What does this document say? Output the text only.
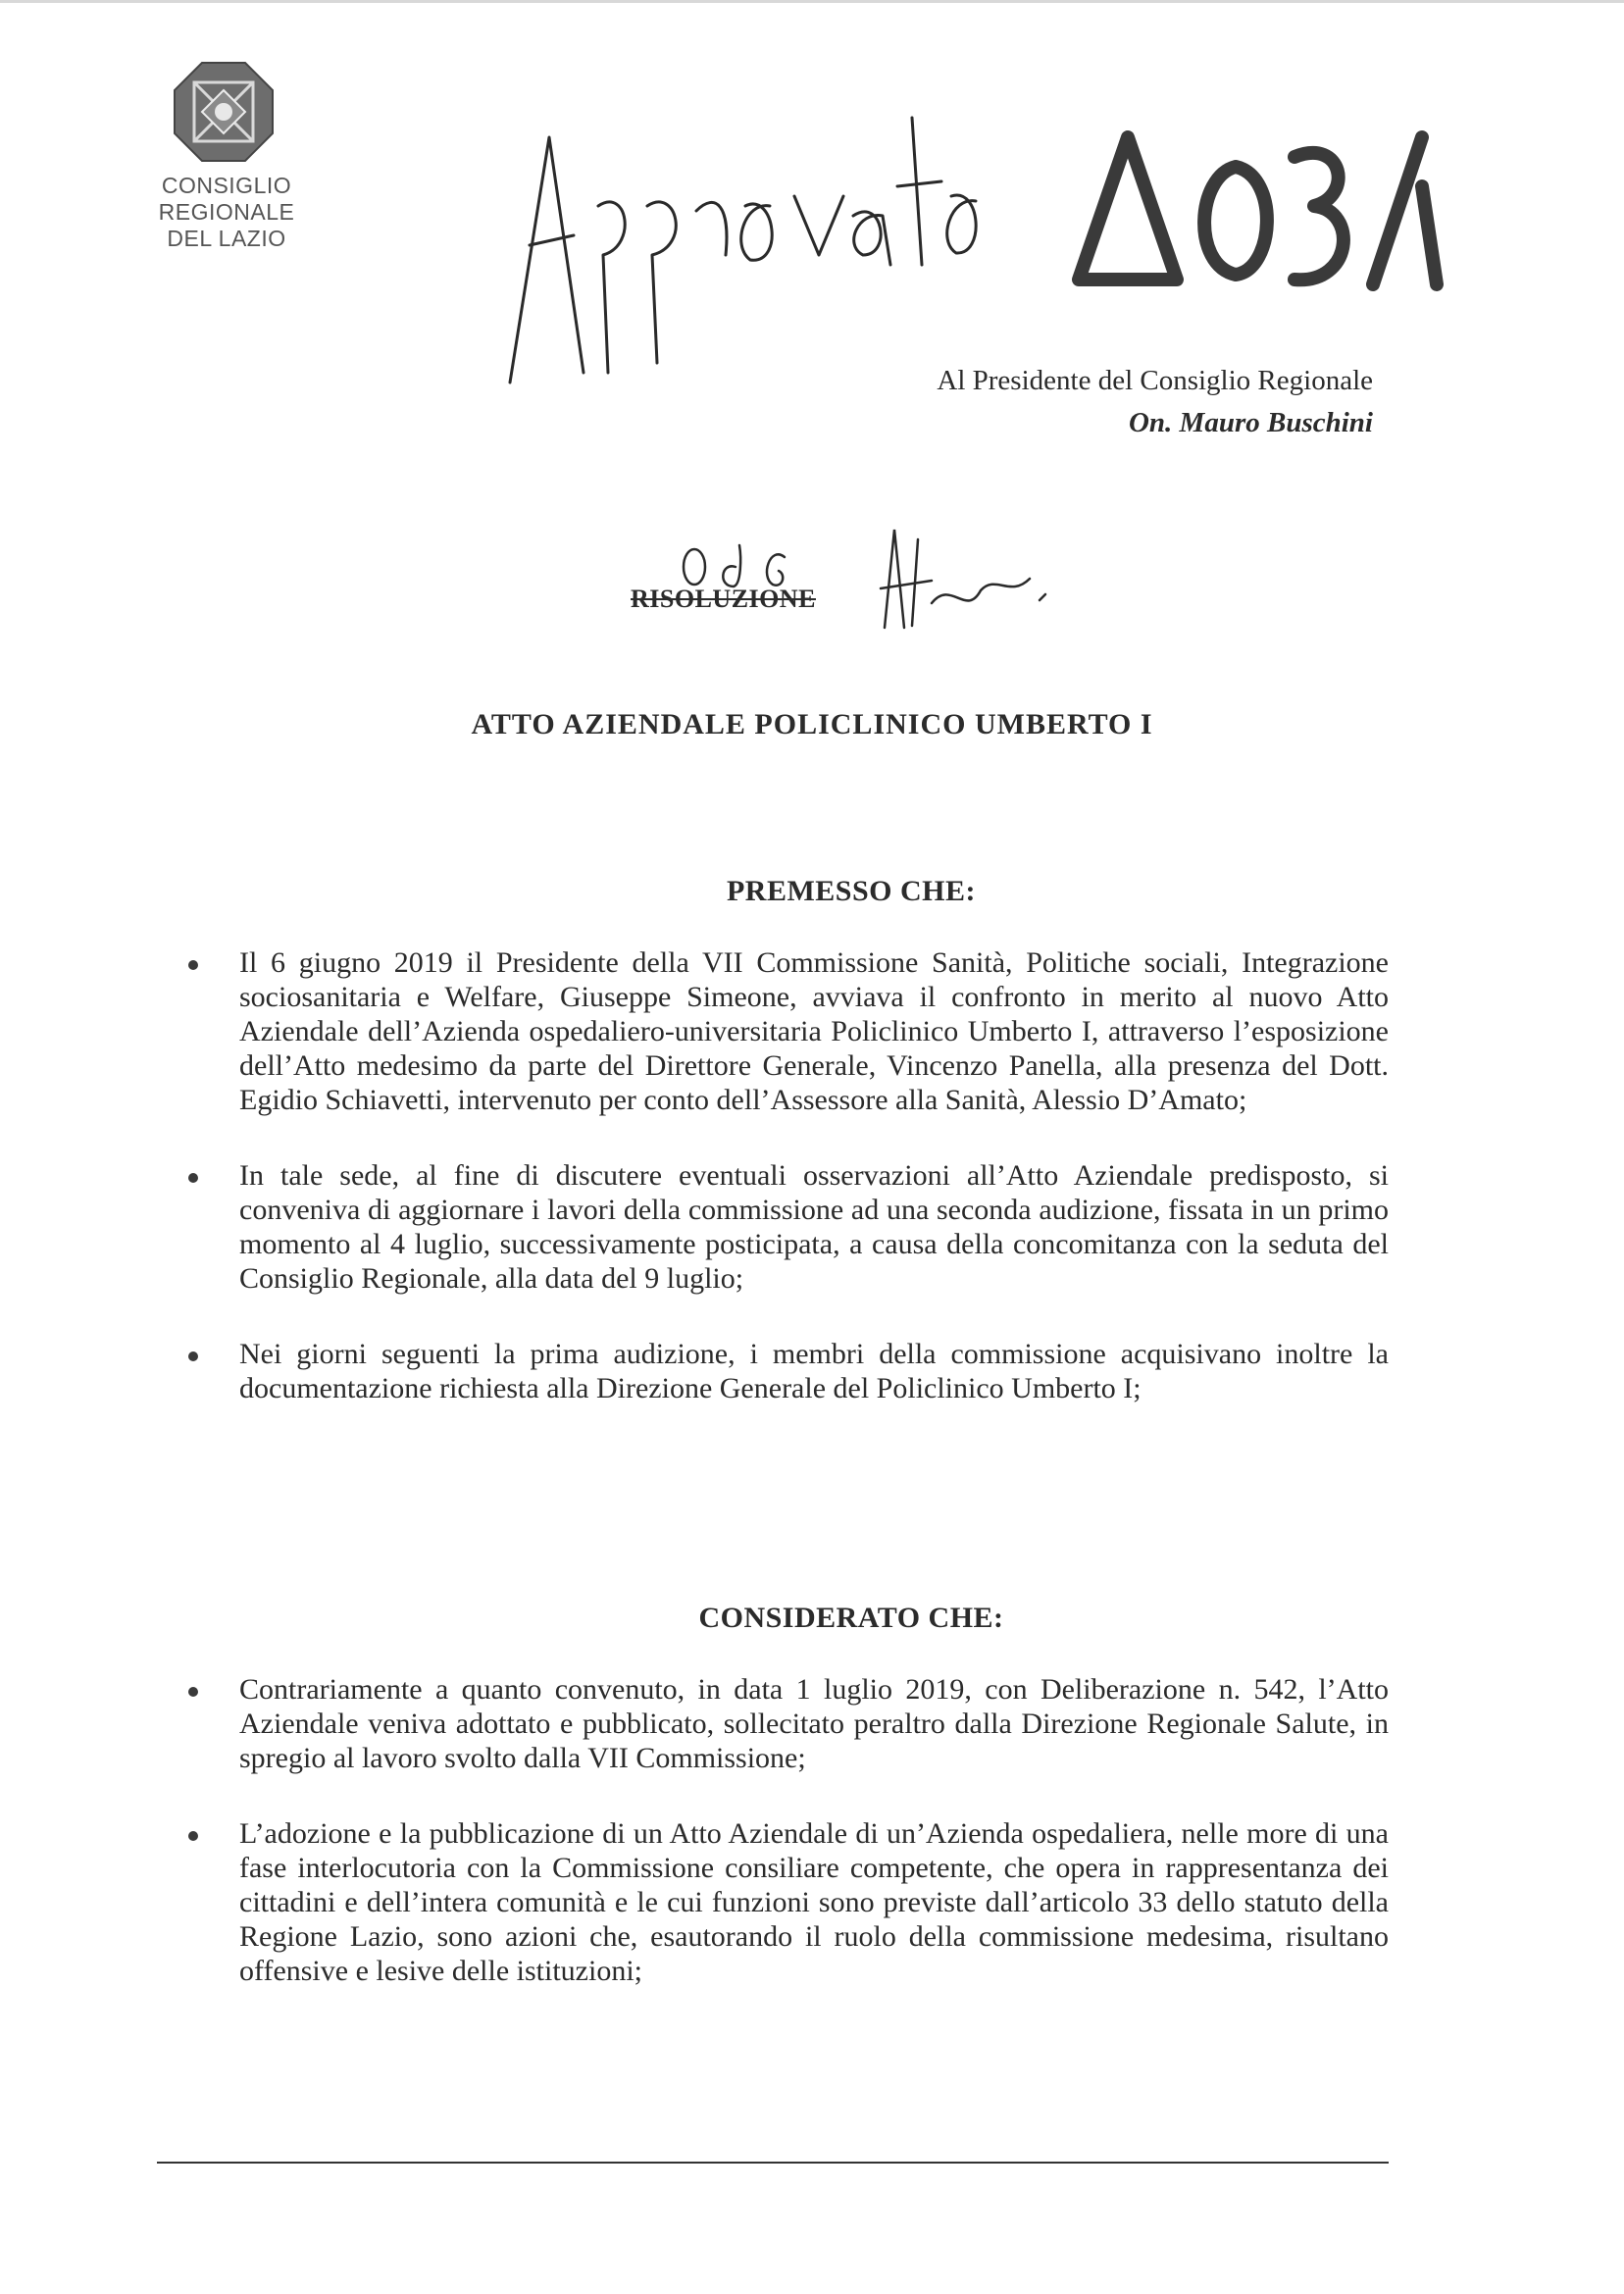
CONSIGLIO
REGIONALE
DEL LAZIO
Al Presidente del Consiglio Regionale
On. Mauro Buschini
RISOLUZIONE
ATTO AZIENDALE POLICLINICO UMBERTO I
PREMESSO CHE:
Il 6 giugno 2019 il Presidente della VII Commissione Sanità, Politiche sociali, Integrazione sociosanitaria e Welfare, Giuseppe Simeone, avviava il confronto in merito al nuovo Atto Aziendale dell’Azienda ospedaliero-universitaria Policlinico Umberto I, attraverso l’esposizione dell’Atto medesimo da parte del Direttore Generale, Vincenzo Panella, alla presenza del Dott. Egidio Schiavetti, intervenuto per conto dell’Assessore alla Sanità, Alessio D’Amato;
In tale sede, al fine di discutere eventuali osservazioni all’Atto Aziendale predisposto, si conveniva di aggiornare i lavori della commissione ad una seconda audizione, fissata in un primo momento al 4 luglio, successivamente posticipata, a causa della concomitanza con la seduta del Consiglio Regionale, alla data del 9 luglio;
Nei giorni seguenti la prima audizione, i membri della commissione acquisivano inoltre la documentazione richiesta alla Direzione Generale del Policlinico Umberto I;
CONSIDERATO CHE:
Contrariamente a quanto convenuto, in data 1 luglio 2019, con Deliberazione n. 542, l’Atto Aziendale veniva adottato e pubblicato, sollecitato peraltro dalla Direzione Regionale Salute, in spregio al lavoro svolto dalla VII Commissione;
L’adozione e la pubblicazione di un Atto Aziendale di un’Azienda ospedaliera, nelle more di una fase interlocutoria con la Commissione consiliare competente, che opera in rappresentanza dei cittadini e dell’intera comunità e le cui funzioni sono previste dall’articolo 33 dello statuto della Regione Lazio, sono azioni che, esautorando il ruolo della commissione medesima, risultano offensive e lesive delle istituzioni;
